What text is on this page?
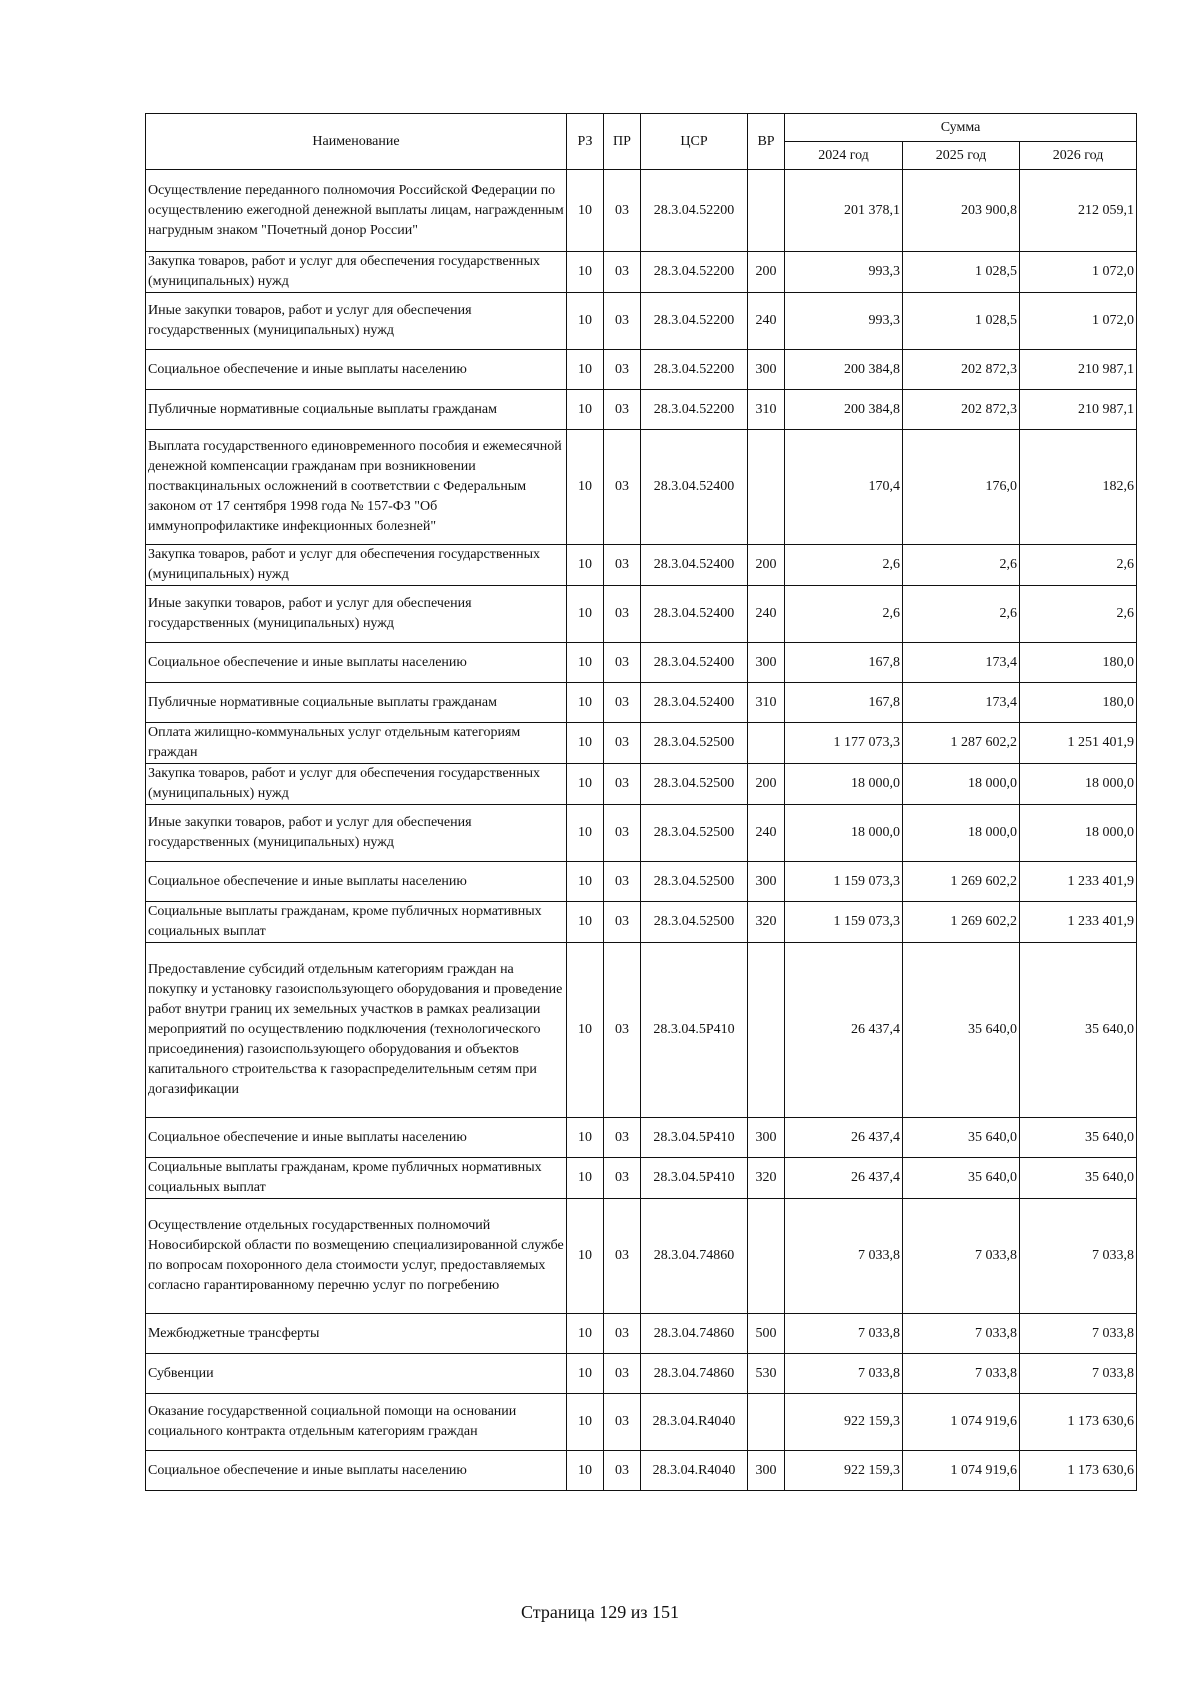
Наименование	РЗ	ПР	ЦСР	ВР	Сумма		
					2024 год	2025 год	2026 год
Осуществление переданного полномочия Российской Федерации по осуществлению ежегодной денежной выплаты лицам, награжденным нагрудным знаком "Почетный донор России"	10	03	28.3.04.52200		201 378,1	203 900,8	212 059,1
Закупка товаров, работ и услуг для обеспечения государственных (муниципальных) нужд	10	03	28.3.04.52200	200	993,3	1 028,5	1 072,0
Иные закупки товаров, работ и услуг для обеспечения государственных (муниципальных) нужд	10	03	28.3.04.52200	240	993,3	1 028,5	1 072,0
Социальное обеспечение и иные выплаты населению	10	03	28.3.04.52200	300	200 384,8	202 872,3	210 987,1
Публичные нормативные социальные выплаты гражданам	10	03	28.3.04.52200	310	200 384,8	202 872,3	210 987,1
Выплата государственного единовременного пособия и ежемесячной денежной компенсации гражданам при возникновении поствакцинальных осложнений в соответствии с Федеральным законом от 17 сентября 1998 года № 157-ФЗ "Об иммунопрофилактике инфекционных болезней"	10	03	28.3.04.52400		170,4	176,0	182,6
Закупка товаров, работ и услуг для обеспечения государственных (муниципальных) нужд	10	03	28.3.04.52400	200	2,6	2,6	2,6
Иные закупки товаров, работ и услуг для обеспечения государственных (муниципальных) нужд	10	03	28.3.04.52400	240	2,6	2,6	2,6
Социальное обеспечение и иные выплаты населению	10	03	28.3.04.52400	300	167,8	173,4	180,0
Публичные нормативные социальные выплаты гражданам	10	03	28.3.04.52400	310	167,8	173,4	180,0
Оплата жилищно-коммунальных услуг отдельным категориям граждан	10	03	28.3.04.52500		1 177 073,3	1 287 602,2	1 251 401,9
Закупка товаров, работ и услуг для обеспечения государственных (муниципальных) нужд	10	03	28.3.04.52500	200	18 000,0	18 000,0	18 000,0
Иные закупки товаров, работ и услуг для обеспечения государственных (муниципальных) нужд	10	03	28.3.04.52500	240	18 000,0	18 000,0	18 000,0
Социальное обеспечение и иные выплаты населению	10	03	28.3.04.52500	300	1 159 073,3	1 269 602,2	1 233 401,9
Социальные выплаты гражданам, кроме публичных нормативных социальных выплат	10	03	28.3.04.52500	320	1 159 073,3	1 269 602,2	1 233 401,9
Предоставление субсидий отдельным категориям граждан на покупку и установку газоиспользующего оборудования и проведение работ внутри границ их земельных участков в рамках реализации мероприятий по осуществлению подключения (технологического присоединения) газоиспользующего оборудования и объектов капитального строительства к газораспределительным сетям при догазификации	10	03	28.3.04.5Р410		26 437,4	35 640,0	35 640,0
Социальное обеспечение и иные выплаты населению	10	03	28.3.04.5Р410	300	26 437,4	35 640,0	35 640,0
Социальные выплаты гражданам, кроме публичных нормативных социальных выплат	10	03	28.3.04.5Р410	320	26 437,4	35 640,0	35 640,0
Осуществление отдельных государственных полномочий Новосибирской области по возмещению специализированной службе по вопросам похоронного дела стоимости услуг, предоставляемых согласно гарантированному перечню услуг по погребению	10	03	28.3.04.74860		7 033,8	7 033,8	7 033,8
Межбюджетные трансферты	10	03	28.3.04.74860	500	7 033,8	7 033,8	7 033,8
Субвенции	10	03	28.3.04.74860	530	7 033,8	7 033,8	7 033,8
Оказание государственной социальной помощи на основании социального контракта отдельным категориям граждан	10	03	28.3.04.R4040		922 159,3	1 074 919,6	1 173 630,6
Социальное обеспечение и иные выплаты населению	10	03	28.3.04.R4040	300	922 159,3	1 074 919,6	1 173 630,6
Страница 129 из 151
